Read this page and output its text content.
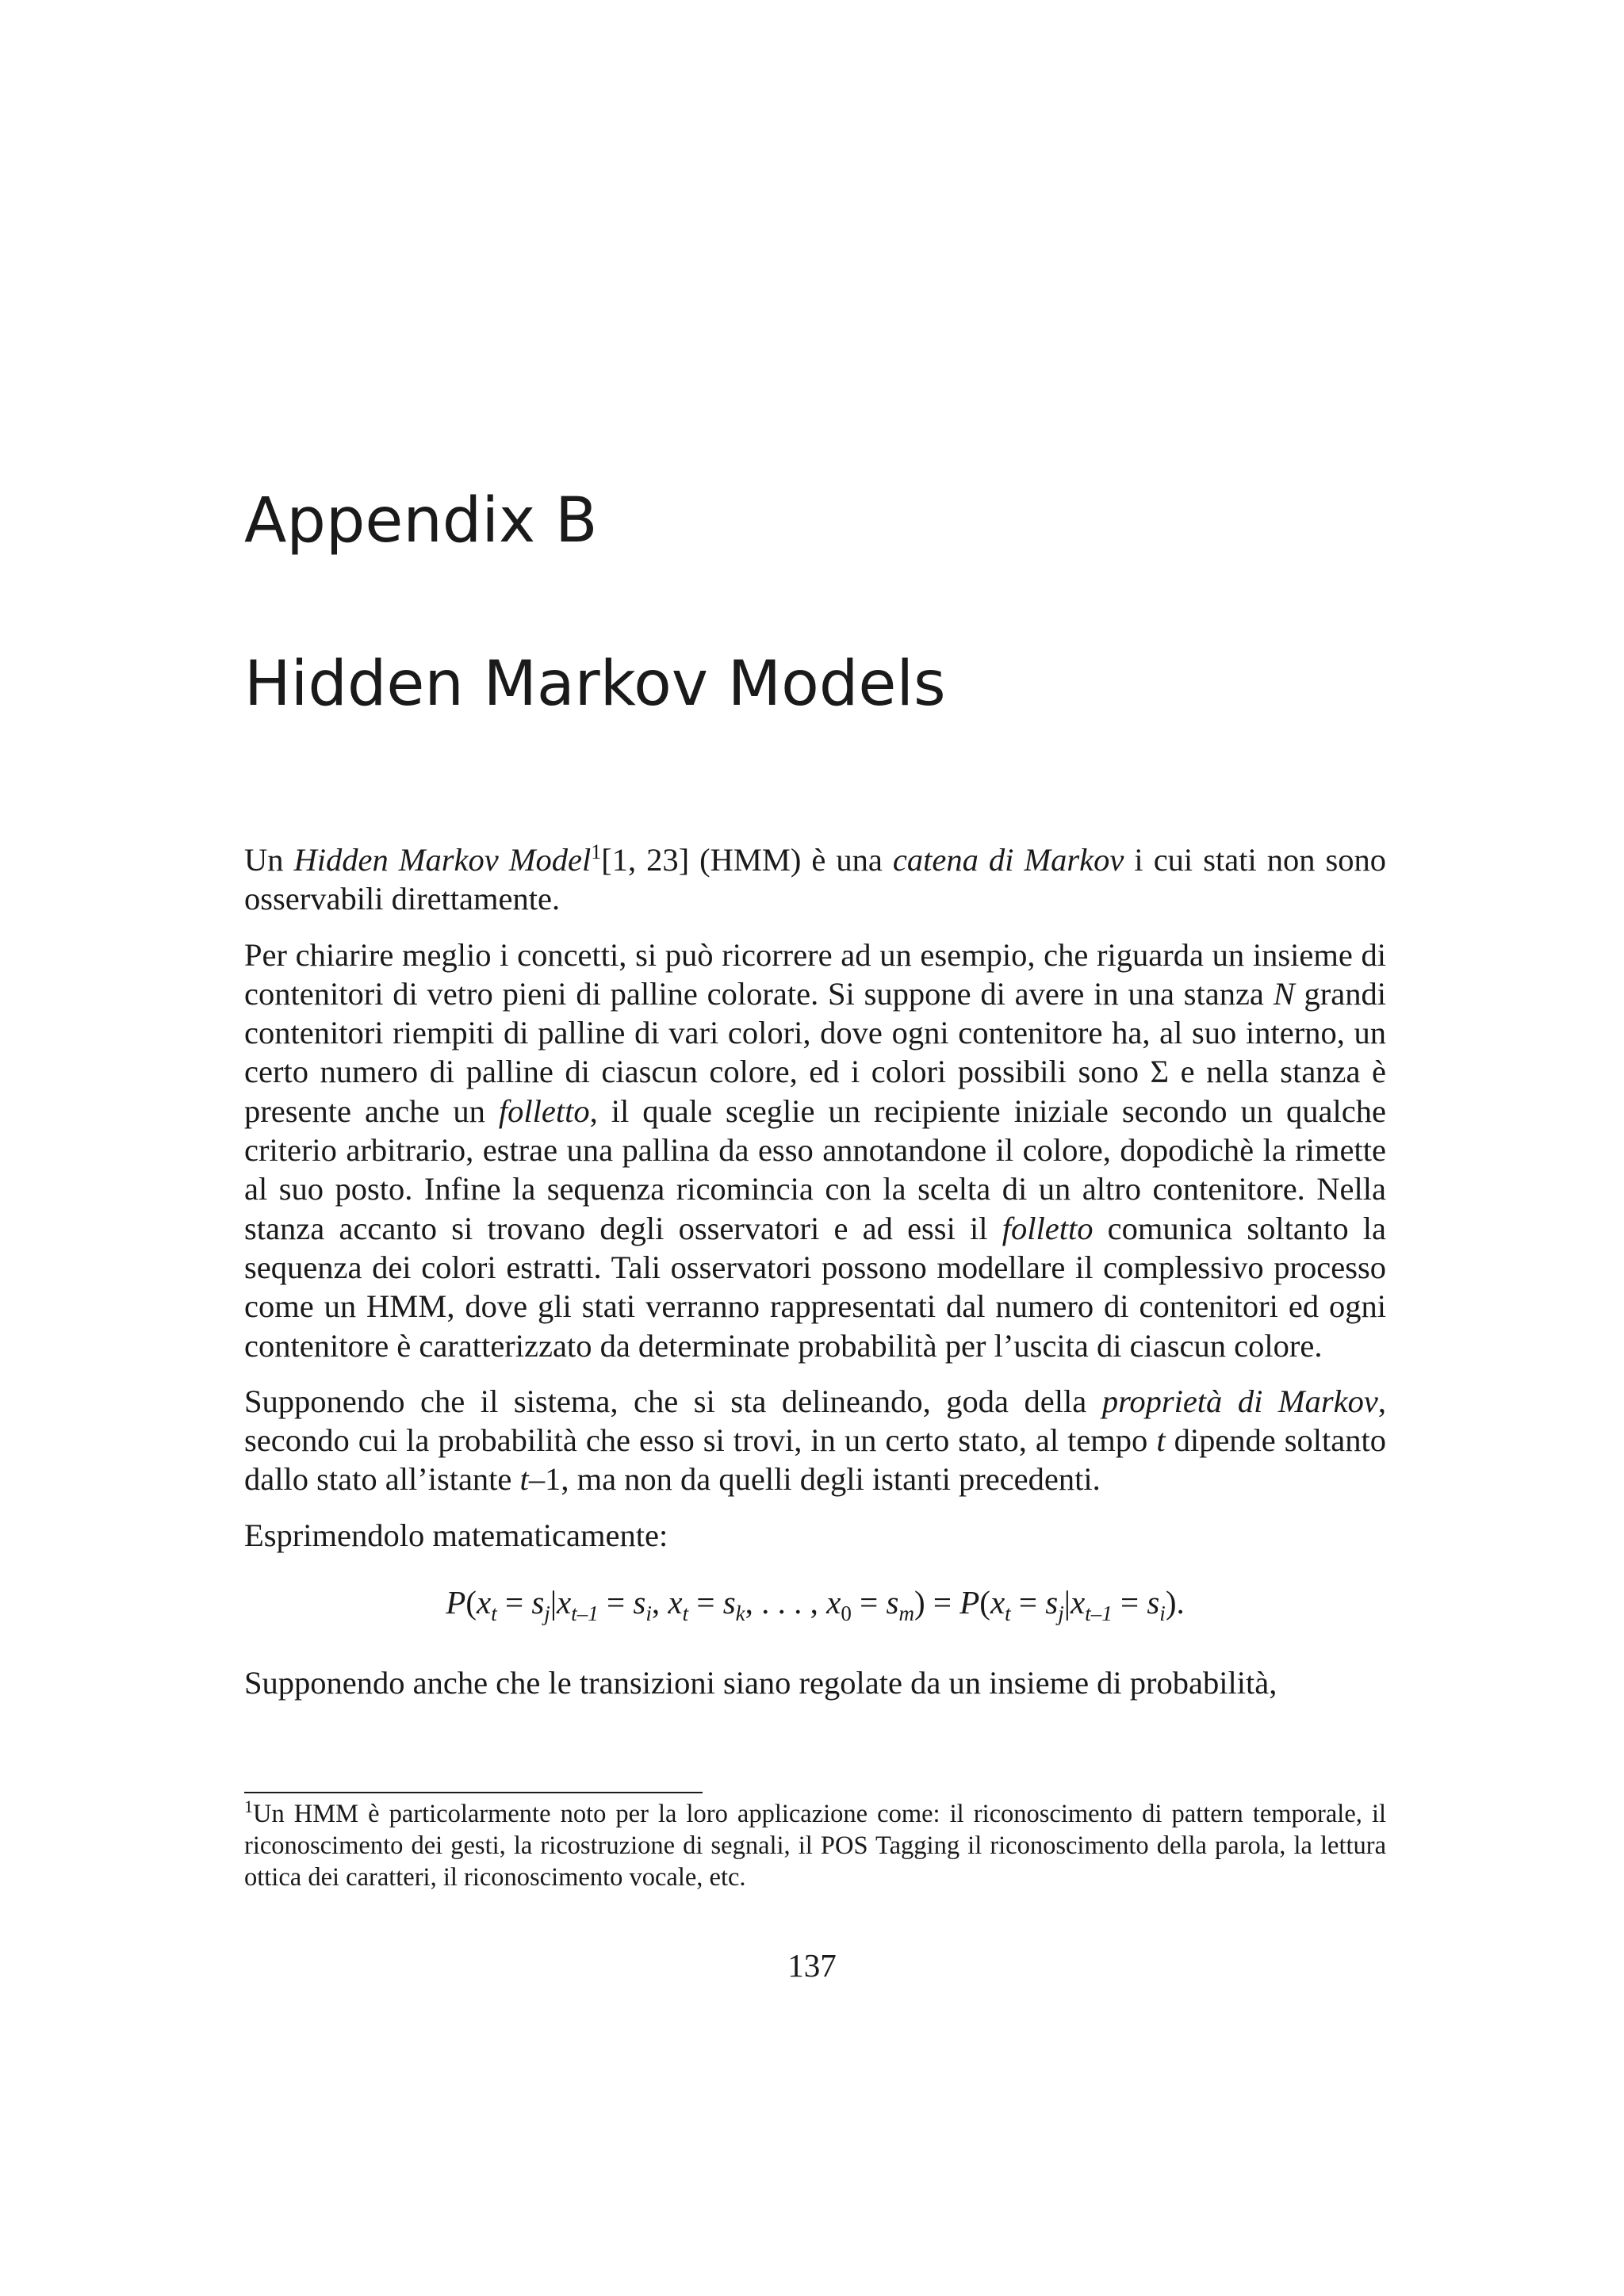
Appendix B
Hidden Markov Models

Un Hidden Markov Model$^1$[1, 23] (HMM) è una catena di Markov i cui stati non sono osservabili direttamente.

Per chiarire meglio i concetti, si può ricorrere ad un esempio, che riguarda un insieme di contenitori di vetro pieni di palline colorate. Si suppone di avere in una stanza N grandi contenitori riempiti di palline di vari colori, dove ogni contenitore ha, al suo interno, un certo numero di palline di ciascun colore, ed i colori possibili sono Σ e nella stanza è presente anche un folletto, il quale sceglie un recipiente iniziale secondo un qualche criterio arbitrario, estrae una pallina da esso annotandone il colore, dopodichè la rimette al suo posto. Infine la sequenza ricomincia con la scelta di un altro contenitore. Nella stanza accanto si trovano degli osservatori e ad essi il folletto comunica soltanto la sequenza dei colori estratti. Tali osservatori possono modellare il complessivo processo come un HMM, dove gli stati verranno rappresentati dal numero di contenitori ed ogni contenitore è caratterizzato da determinate probabilità per l’uscita di ciascun colore.

Supponendo che il sistema, che si sta delineando, goda della proprietà di Markov, secondo cui la probabilità che esso si trovi, in un certo stato, al tempo t dipende soltanto dallo stato all’istante t–1, ma non da quelli degli istanti precedenti.

Esprimendolo matematicamente:

$P(x_t = s_j|x_{t-1} = s_i$, $x_t = s_k$, . . . , $x_0 = s_m) = P(x_t = s_j|x_{t-1} = s_i)$.

Supponendo anche che le transizioni siano regolate da un insieme di probabilità,

$^1$Un HMM è particolarmente noto per la loro applicazione come: il riconoscimento di pattern temporale, il riconoscimento dei gesti, la ricostruzione di segnali, il POS Tagging il riconoscimento della parola, la lettura ottica dei caratteri, il riconoscimento vocale, etc.

137
